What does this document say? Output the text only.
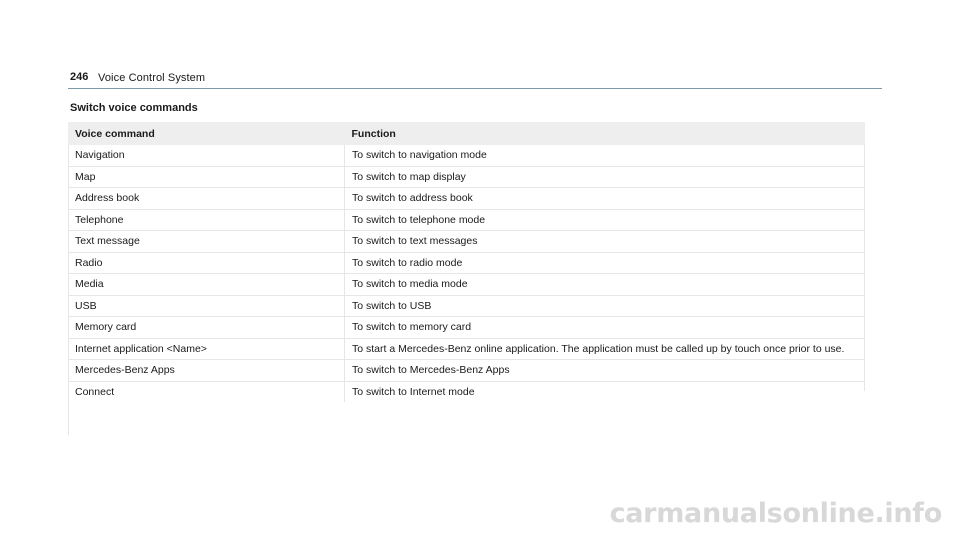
246 Voice Control System
Switch voice commands
Voice command	Function
Navigation	To switch to navigation mode
Map	To switch to map display
Address book	To switch to address book
Telephone	To switch to telephone mode
Text message	To switch to text messages
Radio	To switch to radio mode
Media	To switch to media mode
USB	To switch to USB
Memory card	To switch to memory card
Internet application <Name>	To start a Mercedes-Benz online application. The application must be called up by touch once prior to use.
Mercedes-Benz Apps	To switch to Mercedes-Benz Apps
Connect	To switch to Internet mode
carmanualsonline.info
